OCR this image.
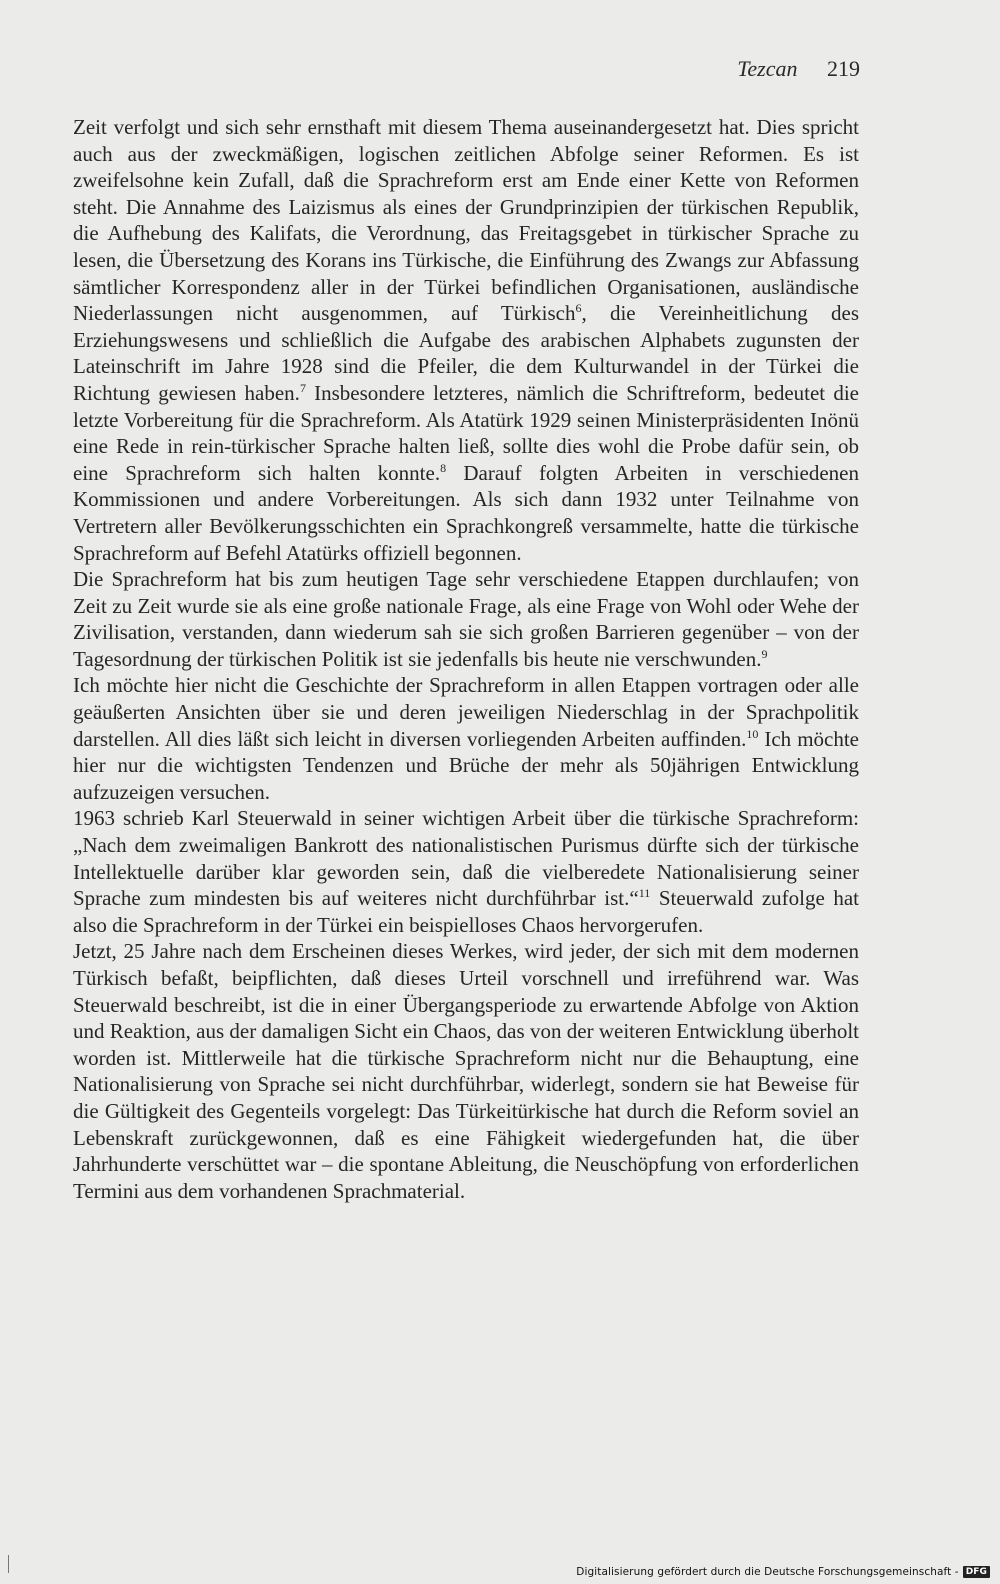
Tezcan 219

Zeit verfolgt und sich sehr ernsthaft mit diesem Thema auseinandergesetzt hat. Dies spricht auch aus der zweckmäßigen, logischen zeitlichen Abfolge seiner Reformen. Es ist zweifelsohne kein Zufall, daß die Sprachreform erst am Ende einer Kette von Reformen steht. Die Annahme des Laizismus als eines der Grundprinzipien der türkischen Republik, die Aufhebung des Kalifats, die Verordnung, das Freitagsgebet in türkischer Sprache zu lesen, die Übersetzung des Korans ins Türkische, die Einführung des Zwangs zur Abfassung sämtlicher Korrespondenz aller in der Türkei befindlichen Organisationen, ausländische Niederlassungen nicht ausgenommen, auf Türkisch$^6$, die Vereinheitlichung des Erziehungswesens und schließlich die Aufgabe des arabischen Alphabets zugunsten der Lateinschrift im Jahre 1928 sind die Pfeiler, die dem Kulturwandel in der Türkei die Richtung gewiesen haben.$^7$ Insbesondere letzteres, nämlich die Schriftreform, bedeutet die letzte Vorbereitung für die Sprachreform. Als Atatürk 1929 seinen Ministerpräsidenten Inönü eine Rede in rein-türkischer Sprache halten ließ, sollte dies wohl die Probe dafür sein, ob eine Sprachreform sich halten konnte.$^8$ Darauf folgten Arbeiten in verschiedenen Kommissionen und andere Vorbereitungen. Als sich dann 1932 unter Teilnahme von Vertretern aller Bevölkerungsschichten ein Sprachkongreß versammelte, hatte die türkische Sprachreform auf Befehl Atatürks offiziell begonnen.

Die Sprachreform hat bis zum heutigen Tage sehr verschiedene Etappen durchlaufen; von Zeit zu Zeit wurde sie als eine große nationale Frage, als eine Frage von Wohl oder Wehe der Zivilisation, verstanden, dann wiederum sah sie sich großen Barrieren gegenüber – von der Tagesordnung der türkischen Politik ist sie jedenfalls bis heute nie verschwunden.$^9$

Ich möchte hier nicht die Geschichte der Sprachreform in allen Etappen vortragen oder alle geäußerten Ansichten über sie und deren jeweiligen Niederschlag in der Sprachpolitik darstellen. All dies läßt sich leicht in diversen vorliegenden Arbeiten auffinden.$^{10}$ Ich möchte hier nur die wichtigsten Tendenzen und Brüche der mehr als 50jährigen Entwicklung aufzuzeigen versuchen.

1963 schrieb Karl Steuerwald in seiner wichtigen Arbeit über die türkische Sprachreform: „Nach dem zweimaligen Bankrott des nationalistischen Purismus dürfte sich der türkische Intellektuelle darüber klar geworden sein, daß die vielberedete Nationalisierung seiner Sprache zum mindesten bis auf weiteres nicht durchführbar ist.“$^{11}$ Steuerwald zufolge hat also die Sprachreform in der Türkei ein beispielloses Chaos hervorgerufen.

Jetzt, 25 Jahre nach dem Erscheinen dieses Werkes, wird jeder, der sich mit dem modernen Türkisch befaßt, beipflichten, daß dieses Urteil vorschnell und irreführend war. Was Steuerwald beschreibt, ist die in einer Übergangsperiode zu erwartende Abfolge von Aktion und Reaktion, aus der damaligen Sicht ein Chaos, das von der weiteren Entwicklung überholt worden ist. Mittlerweile hat die türkische Sprachreform nicht nur die Behauptung, eine Nationalisierung von Sprache sei nicht durchführbar, widerlegt, sondern sie hat Beweise für die Gültigkeit des Gegenteils vorgelegt: Das Türkeitürkische hat durch die Reform soviel an Lebenskraft zurückgewonnen, daß es eine Fähigkeit wiedergefunden hat, die über Jahrhunderte verschüttet war – die spontane Ableitung, die Neuschöpfung von erforderlichen Termini aus dem vorhandenen Sprachmaterial.

Digitalisierung gefördert durch die Deutsche Forschungsgemeinschaft - DFG
